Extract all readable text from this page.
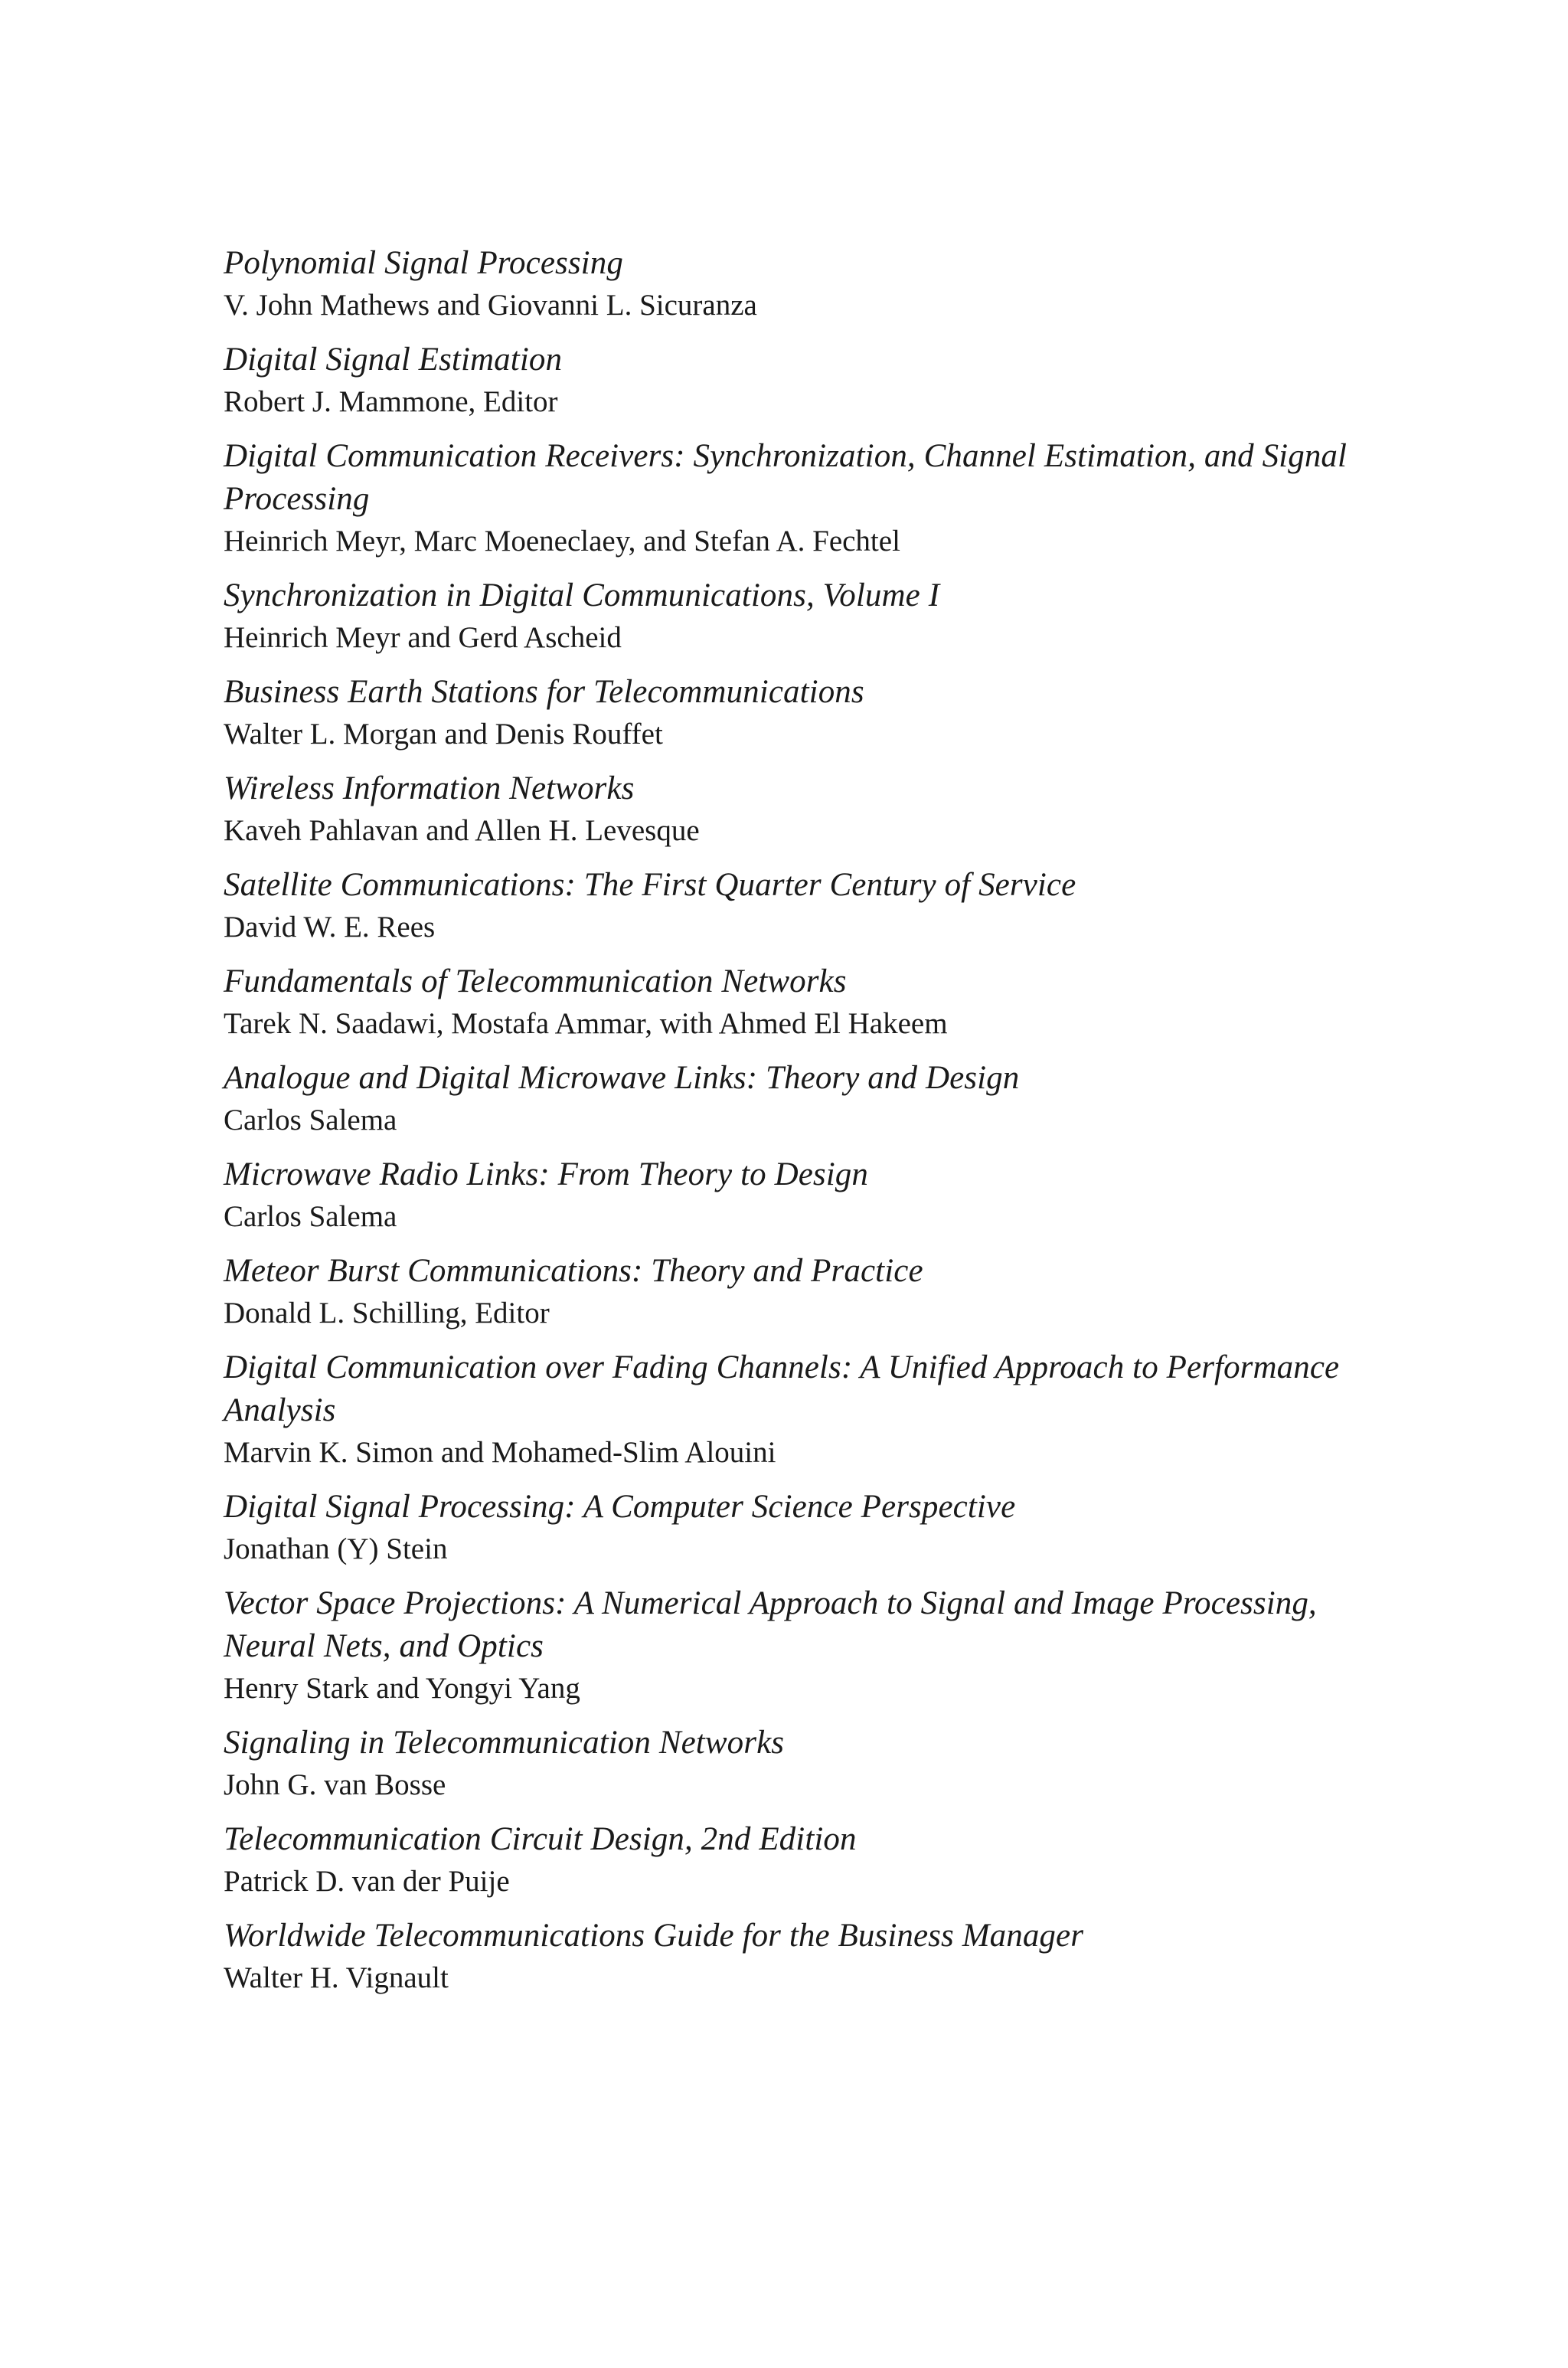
Polynomial Signal Processing
V. John Mathews and Giovanni L. Sicuranza
Digital Signal Estimation
Robert J. Mammone, Editor
Digital Communication Receivers: Synchronization, Channel Estimation, and Signal Processing
Heinrich Meyr, Marc Moeneclaey, and Stefan A. Fechtel
Synchronization in Digital Communications, Volume I
Heinrich Meyr and Gerd Ascheid
Business Earth Stations for Telecommunications
Walter L. Morgan and Denis Rouffet
Wireless Information Networks
Kaveh Pahlavan and Allen H. Levesque
Satellite Communications: The First Quarter Century of Service
David W. E. Rees
Fundamentals of Telecommunication Networks
Tarek N. Saadawi, Mostafa Ammar, with Ahmed El Hakeem
Analogue and Digital Microwave Links: Theory and Design
Carlos Salema
Microwave Radio Links: From Theory to Design
Carlos Salema
Meteor Burst Communications: Theory and Practice
Donald L. Schilling, Editor
Digital Communication over Fading Channels: A Unified Approach to Performance Analysis
Marvin K. Simon and Mohamed-Slim Alouini
Digital Signal Processing: A Computer Science Perspective
Jonathan (Y) Stein
Vector Space Projections: A Numerical Approach to Signal and Image Processing, Neural Nets, and Optics
Henry Stark and Yongyi Yang
Signaling in Telecommunication Networks
John G. van Bosse
Telecommunication Circuit Design, 2nd Edition
Patrick D. van der Puije
Worldwide Telecommunications Guide for the Business Manager
Walter H. Vignault
